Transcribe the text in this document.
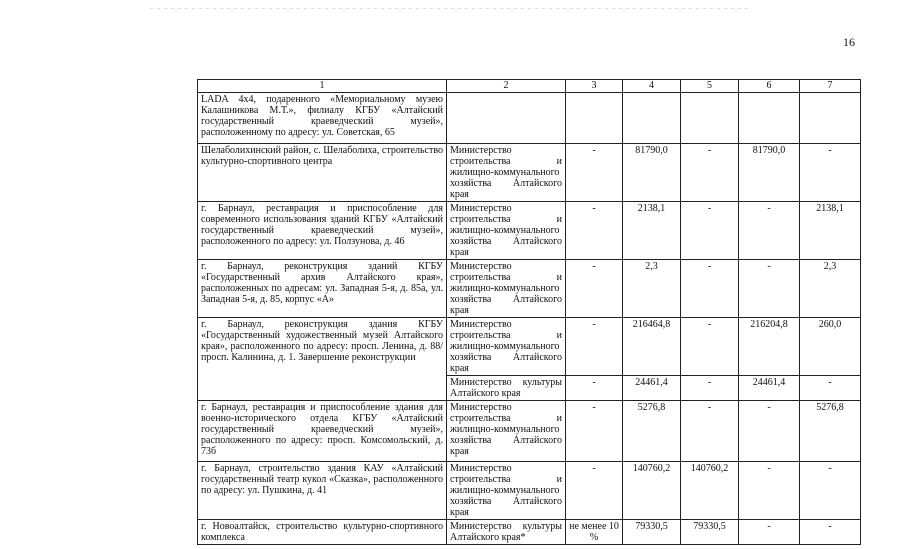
16
1	2	3	4	5	6	7
LADA 4x4, подаренного «Мемориальному музею Калашникова М.Т.», филиалу КГБУ «Алтайский государственный краеведческий музей», расположенному по адресу: ул. Советская, 65						
Шелаболихинский район, с. Шелаболиха, строительство культурно-спортивного центра	Министерство строительства и жилищно-коммунального хозяйства Алтайского края	-	81790,0	-	81790,0	-
г. Барнаул, реставрация и приспособление для современного использования зданий КГБУ «Алтайский государственный краеведческий музей», расположенного по адресу: ул. Ползунова, д. 46	Министерство строительства и жилищно-коммунального хозяйства Алтайского края	-	2138,1	-	-	2138,1
г. Барнаул, реконструкция зданий КГБУ «Государственный архив Алтайского края», расположенных по адресам: ул. Западная 5-я, д. 85а, ул. Западная 5-я, д. 85, корпус «А»	Министерство строительства и жилищно-коммунального хозяйства Алтайского края	-	2,3	-	-	2,3
г. Барнаул, реконструкция здания КГБУ «Государственный художественный музей Алтайского края», расположенного по адресу: просп. Ленина, д. 88/ просп. Калинина, д. 1. Завершение реконструкции	Министерство строительства и жилищно-коммунального хозяйства Алтайского края	-	216464,8	-	216204,8	260,0
	Министерство культуры Алтайского края	-	24461,4	-	24461,4	-
г. Барнаул, реставрация и приспособление здания для военно-исторического отдела КГБУ «Алтайский государственный краеведческий музей», расположенного по адресу: просп. Комсомольский, д. 73б	Министерство строительства и жилищно-коммунального хозяйства Алтайского края	-	5276,8	-	-	5276,8
г. Барнаул, строительство здания КАУ «Алтайский государственный театр кукол «Сказка», расположенного по адресу: ул. Пушкина, д. 41	Министерство строительства и жилищно-коммунального хозяйства Алтайского края	-	140760,2	140760,2	-	-
г. Новоалтайск, строительство культурно-спортивного комплекса	Министерство культуры Алтайского края*	не менее 10 %	79330,5	79330,5	-	-
